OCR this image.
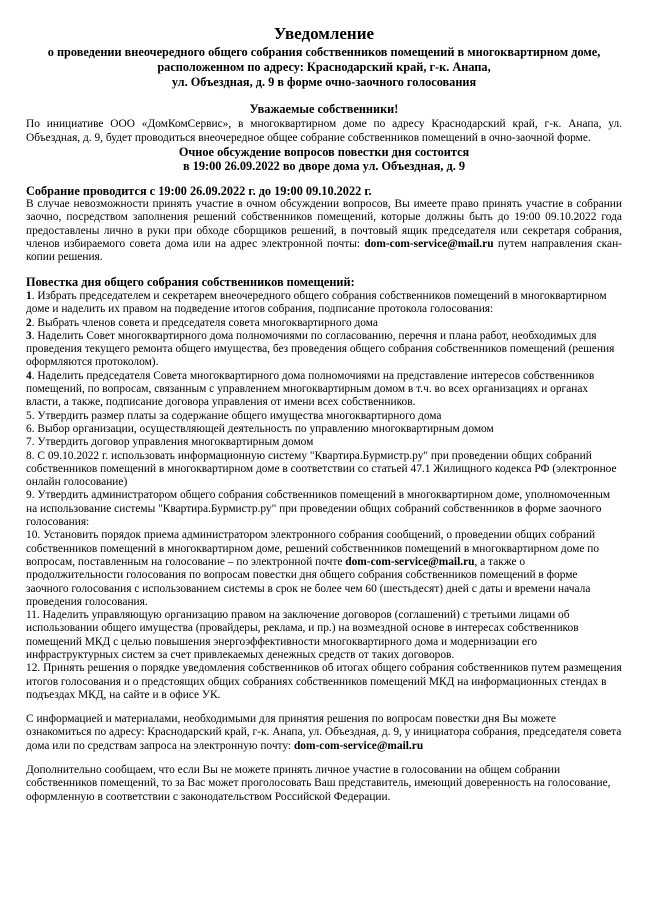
Уведомление
о проведении внеочередного общего собрания собственников помещений в многоквартирном доме,
расположенном по адресу: Краснодарский край, г-к. Анапа,
ул. Объездная, д. 9 в форме очно-заочного голосования
Уважаемые собственники!
По инициативе ООО «ДомКомСервис», в многоквартирном доме по адресу Краснодарский край, г-к. Анапа, ул. Объездная, д. 9, будет проводиться внеочередное общее собрание собственников помещений в очно-заочной форме.
Очное обсуждение вопросов повестки дня состоится
в 19:00 26.09.2022 во дворе дома ул. Объездная, д. 9
Собрание проводится с 19:00 26.09.2022 г. до 19:00 09.10.2022 г.
В случае невозможности принять участие в очном обсуждении вопросов, Вы имеете право принять участие в собрании заочно, посредством заполнения решений собственников помещений, которые должны быть до 19:00 09.10.2022 года предоставлены лично в руки при обходе сборщиков решений, в почтовый ящик председателя или секретаря собрания, членов избираемого совета дома или на адрес электронной почты: dom-com-service@mail.ru путем направления скан-копии решения.
Повестка дня общего собрания собственников помещений:
1. Избрать председателем и секретарем внеочередного общего собрания собственников помещений в многоквартирном доме и наделить их правом на подведение итогов собрания, подписание протокола голосования:
2. Выбрать членов совета и председателя совета многоквартирного дома
3. Наделить Совет многоквартирного дома полномочиями по согласованию, перечня и плана работ, необходимых для проведения текущего ремонта общего имущества, без проведения общего собрания собственников помещений (решения оформляются протоколом).
4. Наделить председателя Совета многоквартирного дома полномочиями на представление интересов собственников помещений, по вопросам, связанным с управлением многоквартирным домом в т.ч. во всех организациях и органах власти, а также, подписание договора управления от имени всех собственников.
5. Утвердить размер платы за содержание общего имущества многоквартирного дома
6. Выбор организации, осуществляющей деятельность по управлению многоквартирным домом
7. Утвердить договор управления многоквартирным домом
8. С 09.10.2022 г. использовать информационную систему "Квартира.Бурмистр.ру" при проведении общих собраний собственников помещений в многоквартирном доме в соответствии со статьей 47.1 Жилищного кодекса РФ (электронное онлайн голосование)
9. Утвердить администратором общего собрания собственников помещений в многоквартирном доме, уполномоченным на использование системы "Квартира.Бурмистр.ру" при проведении общих собраний собственников в форме заочного голосования:
10. Установить порядок приема администратором электронного собрания сообщений, о проведении общих собраний собственников помещений в многоквартирном доме, решений собственников помещений в многоквартирном доме по вопросам, поставленным на голосование – по электронной почте dom-com-service@mail.ru, а также о продолжительности голосования по вопросам повестки дня общего собрания собственников помещений в форме заочного голосования с использованием системы в срок не более чем 60 (шестьдесят) дней с даты и времени начала проведения голосования.
11. Наделить управляющую организацию правом на заключение договоров (соглашений) с третьими лицами об использовании общего имущества (провайдеры, реклама, и пр.) на возмездной основе в интересах собственников помещений МКД с целью повышения энергоэффективности многоквартирного дома и модернизации его инфраструктурных систем за счет привлекаемых денежных средств от таких договоров.
12. Принять решения о порядке уведомления собственников об итогах общего собрания собственников путем размещения итогов голосования и о предстоящих общих собраниях собственников помещений МКД на информационных стендах в подъездах МКД, на сайте и в офисе УК.
С информацией и материалами, необходимыми для принятия решения по вопросам повестки дня Вы можете ознакомиться по адресу: Краснодарский край, г-к. Анапа, ул. Объездная, д. 9, у инициатора собрания, председателя совета дома или по средствам запроса на электронную почту: dom-com-service@mail.ru
Дополнительно сообщаем, что если Вы не можете принять личное участие в голосовании на общем собрании собственников помещений, то за Вас может проголосовать Ваш представитель, имеющий доверенность на голосование, оформленную в соответствии с законодательством Российской Федерации.
